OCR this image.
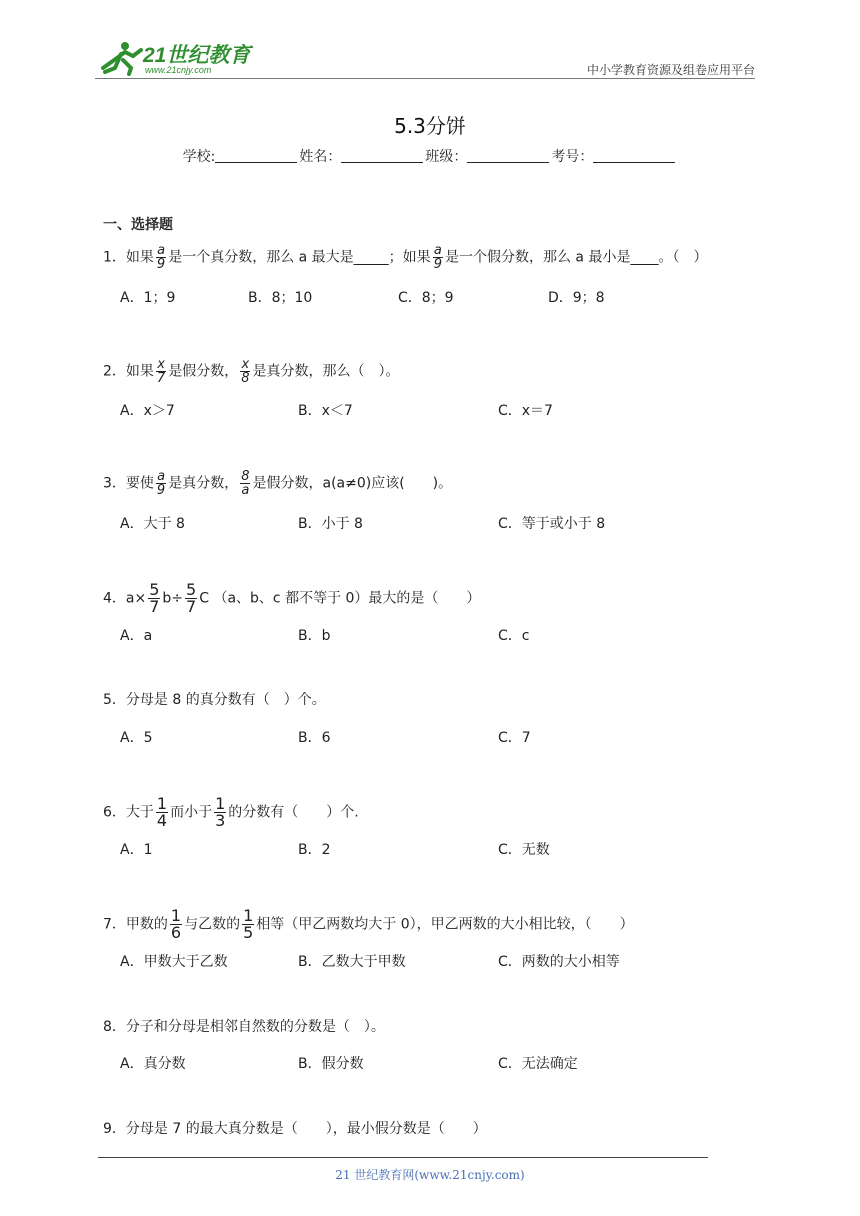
21世纪教育
www.21cnjy.com	中小学教育资源及组卷应用平台
5.3分饼
学校:	姓名：	班级：	考号：
一、选择题
1．如果 $\frac{a}{9}$ 是一个真分数，那么 a 最大是_____；如果 $\frac{a}{9}$ 是一个假分数，那么 a 最小是____。（　）
A．1；9	B．8；10	C．8；9	D．9；8
2．如果 $\frac{x}{7}$ 是假分数， $\frac{x}{8}$ 是真分数，那么（　）。
A．x＞7	B．x＜7	C．x＝7
3．要使 $\frac{a}{9}$ 是真分数， $\frac{8}{a}$ 是假分数，a(a≠0)应该(　　)。
A．大于 8	B．小于 8	C．等于或小于 8
4．$a\times \frac{5}{7} b\div \frac{5}{7}$ C （a、b、c 都不等于 0）最大的是（　　）
A．a	B．b	C．c
5．分母是 8 的真分数有（　）个。
A．5	B．6	C．7
6．大于 $\frac{1}{4}$ 而小于 $\frac{1}{3}$ 的分数有（　　）个.
A．1	B．2	C．无数
7．甲数的 $\frac{1}{6}$ 与乙数的 $\frac{1}{5}$ 相等（甲乙两数均大于 0），甲乙两数的大小相比较，（　　）
A．甲数大于乙数	B．乙数大于甲数	C．两数的大小相等
8．分子和分母是相邻自然数的分数是（　）。
A．真分数	B．假分数	C．无法确定
9．分母是 7 的最大真分数是（　　），最小假分数是（　　）
21 世纪教育网(www.21cnjy.com)
